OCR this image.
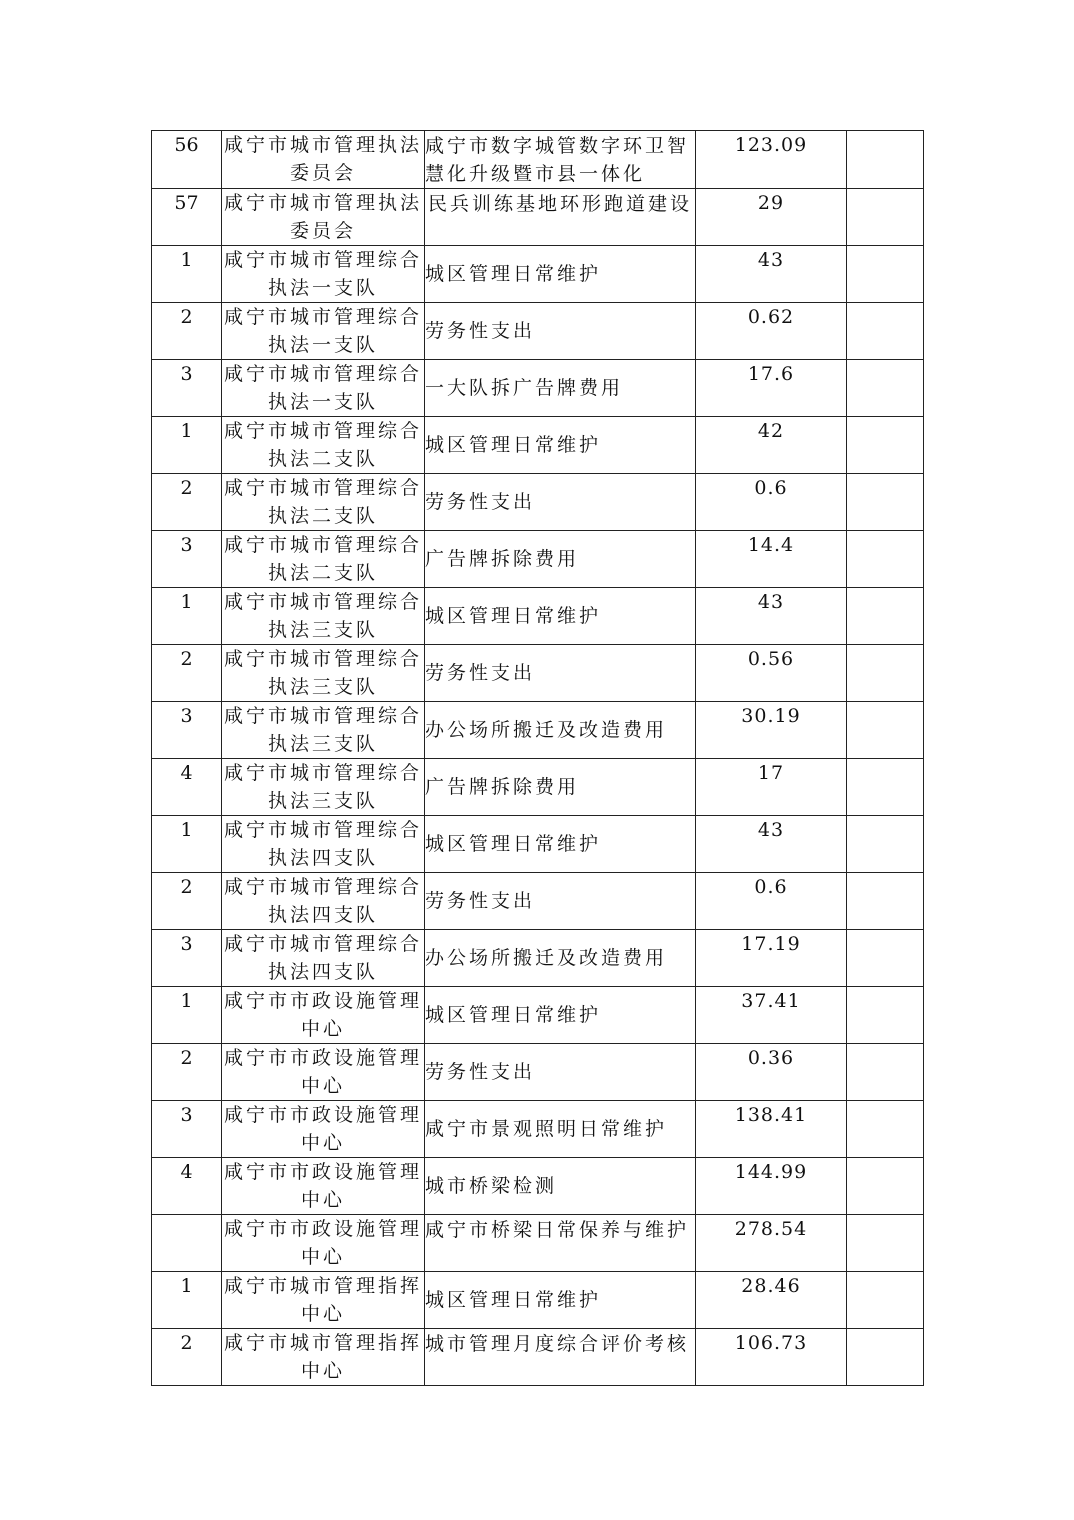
56	咸宁市城市管理执法委员会	咸宁市数字城管数字环卫智慧化升级暨市县一体化	123.09	
57	咸宁市城市管理执法委员会	民兵训练基地环形跑道建设	29	
1	咸宁市城市管理综合执法一支队	城区管理日常维护	43	
2	咸宁市城市管理综合执法一支队	劳务性支出	0.62	
3	咸宁市城市管理综合执法一支队	一大队拆广告牌费用	17.6	
1	咸宁市城市管理综合执法二支队	城区管理日常维护	42	
2	咸宁市城市管理综合执法二支队	劳务性支出	0.6	
3	咸宁市城市管理综合执法二支队	广告牌拆除费用	14.4	
1	咸宁市城市管理综合执法三支队	城区管理日常维护	43	
2	咸宁市城市管理综合执法三支队	劳务性支出	0.56	
3	咸宁市城市管理综合执法三支队	办公场所搬迁及改造费用	30.19	
4	咸宁市城市管理综合执法三支队	广告牌拆除费用	17	
1	咸宁市城市管理综合执法四支队	城区管理日常维护	43	
2	咸宁市城市管理综合执法四支队	劳务性支出	0.6	
3	咸宁市城市管理综合执法四支队	办公场所搬迁及改造费用	17.19	
1	咸宁市市政设施管理中心	城区管理日常维护	37.41	
2	咸宁市市政设施管理中心	劳务性支出	0.36	
3	咸宁市市政设施管理中心	咸宁市景观照明日常维护	138.41	
4	咸宁市市政设施管理中心	城市桥梁检测	144.99	
	咸宁市市政设施管理中心	咸宁市桥梁日常保养与维护	278.54	
1	咸宁市城市管理指挥中心	城区管理日常维护	28.46	
2	咸宁市城市管理指挥中心	城市管理月度综合评价考核	106.73	
